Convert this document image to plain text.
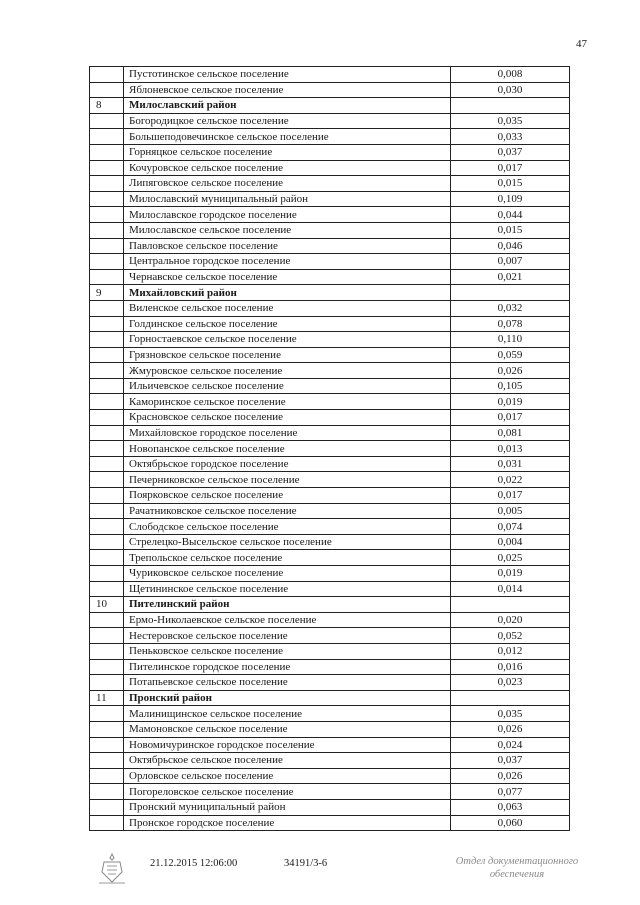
47
	Пустотинское сельское поселение	0,008
	Яблоневское сельское поселение	0,030
8	Милославский район	
	Богородицкое сельское поселение	0,035
	Большеподовечинское сельское поселение	0,033
	Горняцкое сельское поселение	0,037
	Кочуровское сельское поселение	0,017
	Липяговское сельское поселение	0,015
	Милославский муниципальный район	0,109
	Милославское городское поселение	0,044
	Милославское сельское поселение	0,015
	Павловское сельское поселение	0,046
	Центральное городское поселение	0,007
	Чернавское сельское поселение	0,021
9	Михайловский район	
	Виленское сельское поселение	0,032
	Голдинское сельское поселение	0,078
	Горностаевское сельское поселение	0,110
	Грязновское сельское поселение	0,059
	Жмуровское сельское поселение	0,026
	Ильичевское сельское поселение	0,105
	Каморинское сельское поселение	0,019
	Красновское сельское поселение	0,017
	Михайловское городское поселение	0,081
	Новопанское сельское поселение	0,013
	Октябрьское городское поселение	0,031
	Печерниковское сельское поселение	0,022
	Поярковское сельское поселение	0,017
	Рачатниковское сельское поселение	0,005
	Слободское сельское поселение	0,074
	Стрелецко-Высельское сельское поселение	0,004
	Трепольское сельское поселение	0,025
	Чуриковское сельское поселение	0,019
	Щетининское сельское поселение	0,014
10	Пителинский район	
	Ермо-Николаевское сельское поселение	0,020
	Нестеровское сельское поселение	0,052
	Пеньковское сельское поселение	0,012
	Пителинское городское поселение	0,016
	Потапьевское сельское поселение	0,023
11	Пронский район	
	Малинищинское сельское поселение	0,035
	Мамоновское сельское поселение	0,026
	Новомичуринское городское поселение	0,024
	Октябрьское сельское поселение	0,037
	Орловское сельское поселение	0,026
	Погореловское сельское поселение	0,077
	Пронский муниципальный район	0,063
	Пронское городское поселение	0,060
21.12.2015 12:06:00	34191/3-6	Отдел документационного
обеспечения
